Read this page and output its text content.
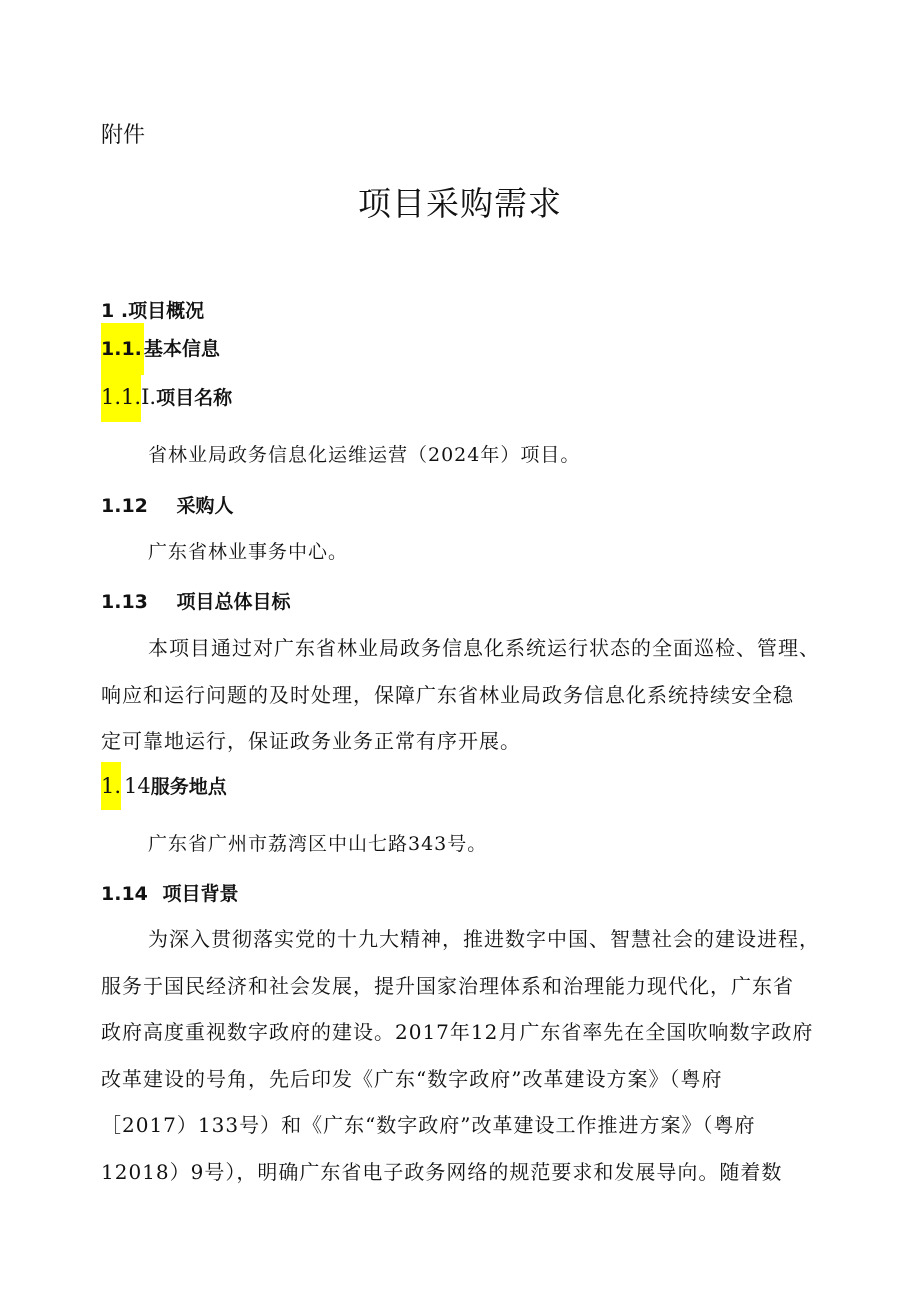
附件
项目采购需求
1 .项目概况
1.1. 基本信息
1.1.I.项目名称
省林业局政务信息化运维运营（2024年）项目。
1.12 采购人
广东省林业事务中心。
1.13 项目总体目标
本项目通过对广东省林业局政务信息化系统运行状态的全面巡检、管理、
响应和运行问题的及时处理，保障广东省林业局政务信息化系统持续安全稳
定可靠地运行，保证政务业务正常有序开展。
1. 14服务地点
广东省广州市荔湾区中山七路343号。
1.14 项目背景
为深入贯彻落实党的十九大精神，推进数字中国、智慧社会的建设进程，
服务于国民经济和社会发展，提升国家治理体系和治理能力现代化，广东省
政府高度重视数字政府的建设。2017年12月广东省率先在全国吹响数字政府
改革建设的号角，先后印发《广东“数字政府”改革建设方案》（粤府
［2017）133号）和《广东“数字政府”改革建设工作推进方案》（粤府
12018）9号），明确广东省电子政务网络的规范要求和发展导向。随着数
